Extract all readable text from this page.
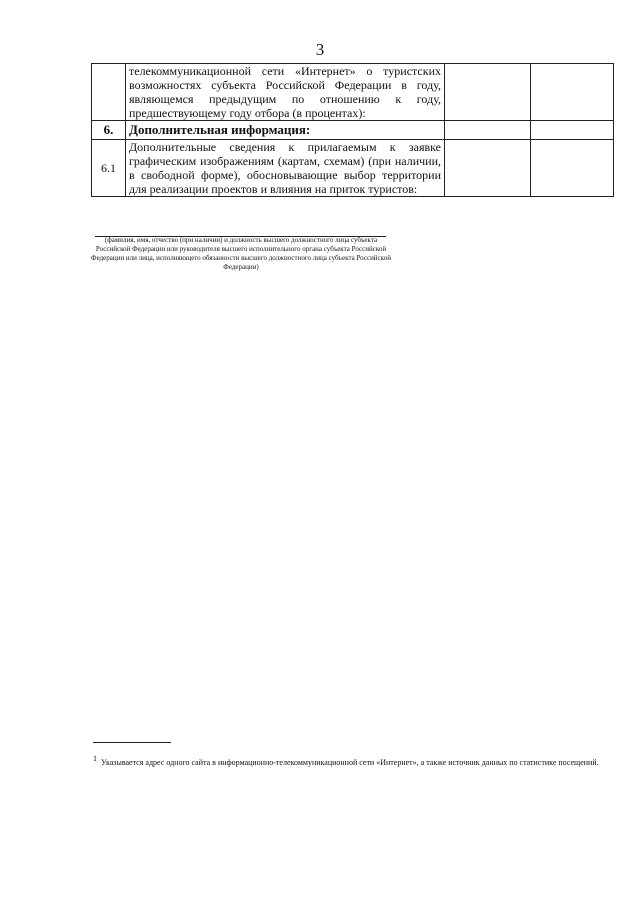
3
	телекоммуникационной сети «Интернет» о туристских возможностях субъекта Российской Федерации в году, являющемся предыдущим по отношению к году, предшествующему году отбора (в процентах):		
6.	Дополнительная информация:		
6.1	Дополнительные сведения к прилагаемым к заявке графическим изображениям (картам, схемам) (при наличии, в свободной форме), обосновывающие выбор территории для реализации проектов и влияния на приток туристов:		
(фамилия, имя, отчество (при наличии) и должность высшего должностного лица субъекта Российской Федерации или руководителя высшего исполнительного органа субъекта Российской Федерации или лица, исполняющего обязанности высшего должностного лица субъекта Российской Федерации)
$^1$ Указывается адрес одного сайта в информационно-телекоммуникационной сети «Интернет», а также источник данных по статистике посещений.
